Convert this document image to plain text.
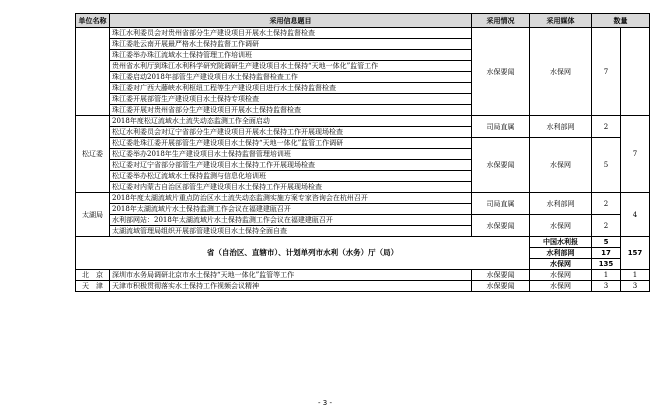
单位名称	采用信息题目	采用情况	采用媒体	数量	
	珠江水利委员会对贵州省部分生产建设项目开展水土保持监督检查	水保要闻	水保网	7	
	珠江委赴云南开展最严格水土保持监督工作调研				
	珠江委举办珠江流域水土保持管理工作培训班				
	贵州省水利厅到珠江水利科学研究院调研生产建设项目水土保持“天地一体化”监管工作				
	珠江委启动2018年部管生产建设项目水土保持监督检查工作				
	珠江委对广西大藤峡水利枢纽工程等生产建设项目进行水土保持监督检查				
	珠江委开展部管生产建设项目水土保持专项检查				
	珠江委开展对贵州省部分生产建设项目开展水土保持监督检查				
松辽委	2018年度松辽流域水土流失动态监测工作全面启动	司局直属	水利部网	2	7
	松辽水利委员会对辽宁省部分生产建设项目开展水土保持工作开展现场检查				
	松辽委赴珠江委开展部管生产建设项目水土保持“天地一体化”监管工作调研	水保要闻	水保网	5	
	松辽委举办2018年生产建设项目水土保持监督管理培训班				
	松辽委对辽宁省部分部管生产建设项目水土保持工作开展现场检查				
	松辽委举办松辽流域水土保持监测与信息化培训班				
	松辽委对内蒙古自治区部管生产建设项目水土保持工作开展现场检查				
太湖局	2018年度太湖流域片重点防治区水土流失动态监测实施方案专家咨询会在杭州召开	司局直属	水利部网	2	4
	2018年太湖流域片水土保持监测工作会议在福建建瓯召开				
	水利部网站：2018年太湖流域片水土保持监测工作会议在福建建瓯召开	水保要闻	水保网	2	
	太湖流域管理局组织开展部管建设项目水土保持全面自查				
省（自治区、直辖市）、计划单列市水利（水务）厅（局）			中国水利报	5	157
			水利部网	17	
			水保网	135	
北　京	深圳市水务局调研北京市水土保持“天地一体化”监管等工作	水保要闻	水保网	1	1
天　津	天津市积极贯彻落实水土保持工作视频会议精神	水保要闻	水保网	3	3
- 3 -
